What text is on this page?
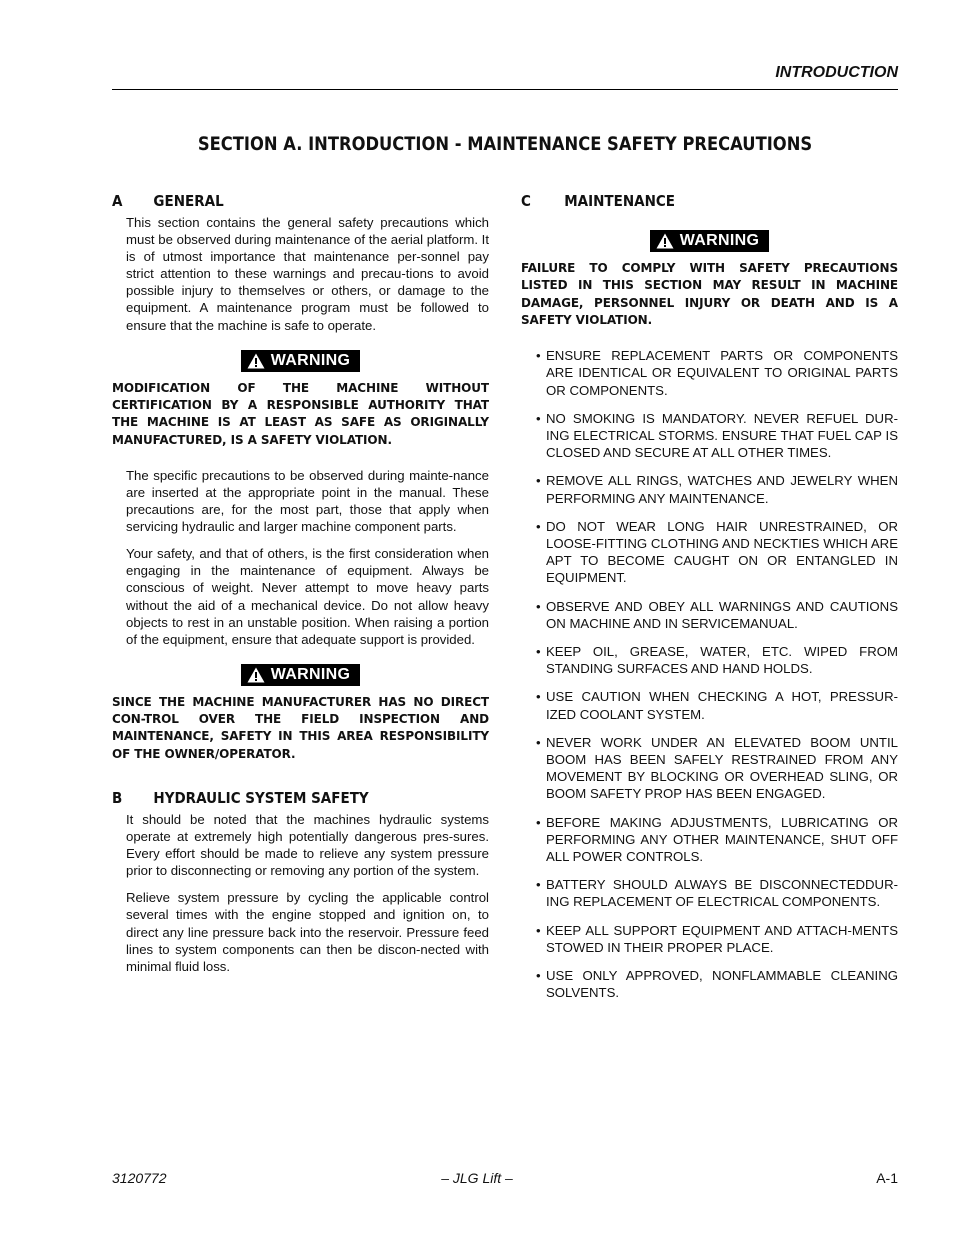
INTRODUCTION
SECTION A. INTRODUCTION - MAINTENANCE SAFETY PRECAUTIONS
A	GENERAL

This section contains the general safety precautions which must be observed during maintenance of the aerial platform. It is of utmost importance that maintenance per-sonnel pay strict attention to these warnings and precau-tions to avoid possible injury to themselves or others, or damage to the equipment. A maintenance program must be followed to ensure that the machine is safe to operate.

WARNING
MODIFICATION OF THE MACHINE WITHOUT CERTIFICATION BY A RESPONSIBLE AUTHORITY THAT THE MACHINE IS AT LEAST AS SAFE AS ORIGINALLY MANUFACTURED, IS A SAFETY VIOLATION.

The specific precautions to be observed during mainte-nance are inserted at the appropriate point in the manual. These precautions are, for the most part, those that apply when servicing hydraulic and larger machine component parts.

Your safety, and that of others, is the first consideration when engaging in the maintenance of equipment. Always be conscious of weight. Never attempt to move heavy parts without the aid of a mechanical device. Do not allow heavy objects to rest in an unstable position. When raising a portion of the equipment, ensure that adequate support is provided.

WARNING
SINCE THE MACHINE MANUFACTURER HAS NO DIRECT CON-TROL OVER THE FIELD INSPECTION AND MAINTENANCE, SAFETY IN THIS AREA RESPONSIBILITY OF THE OWNER/OPERATOR.
B	HYDRAULIC SYSTEM SAFETY

It should be noted that the machines hydraulic systems operate at extremely high potentially dangerous pres-sures. Every effort should be made to relieve any system pressure prior to disconnecting or removing any portion of the system.

Relieve system pressure by cycling the applicable control several times with the engine stopped and ignition on, to direct any line pressure back into the reservoir. Pressure feed lines to system components can then be discon-nected with minimal fluid loss.

C	MAINTENANCE
WARNING
FAILURE TO COMPLY WITH SAFETY PRECAUTIONS LISTED IN THIS SECTION MAY RESULT IN MACHINE DAMAGE, PERSONNEL INJURY OR DEATH AND IS A SAFETY VIOLATION.
• ENSURE REPLACEMENT PARTS OR COMPONENTS ARE IDENTICAL OR EQUIVALENT TO ORIGINAL PARTS OR COMPONENTS.
• NO SMOKING IS MANDATORY. NEVER REFUEL DUR-ING ELECTRICAL STORMS. ENSURE THAT FUEL CAP IS CLOSED AND SECURE AT ALL OTHER TIMES.
• REMOVE ALL RINGS, WATCHES AND JEWELRY WHEN PERFORMING ANY MAINTENANCE.
• DO NOT WEAR LONG HAIR UNRESTRAINED, OR LOOSE-FITTING CLOTHING AND NECKTIES WHICH ARE APT TO BECOME CAUGHT ON OR ENTANGLED IN EQUIPMENT.
• OBSERVE AND OBEY ALL WARNINGS AND CAUTIONS ON MACHINE AND IN SERVICEMANUAL.
• KEEP OIL, GREASE, WATER, ETC. WIPED FROM STANDING SURFACES AND HAND HOLDS.
• USE CAUTION WHEN CHECKING A HOT, PRESSUR-IZED COOLANT SYSTEM.
• NEVER WORK UNDER AN ELEVATED BOOM UNTIL BOOM HAS BEEN SAFELY RESTRAINED FROM ANY MOVEMENT BY BLOCKING OR OVERHEAD SLING, OR BOOM SAFETY PROP HAS BEEN ENGAGED.
• BEFORE MAKING ADJUSTMENTS, LUBRICATING OR PERFORMING ANY OTHER MAINTENANCE, SHUT OFF ALL POWER CONTROLS.
• BATTERY SHOULD ALWAYS BE DISCONNECTEDDUR-ING REPLACEMENT OF ELECTRICAL COMPONENTS.
• KEEP ALL SUPPORT EQUIPMENT AND ATTACH-MENTS STOWED IN THEIR PROPER PLACE.
• USE ONLY APPROVED, NONFLAMMABLE CLEANING SOLVENTS.
3120772	– JLG Lift –	A-1
